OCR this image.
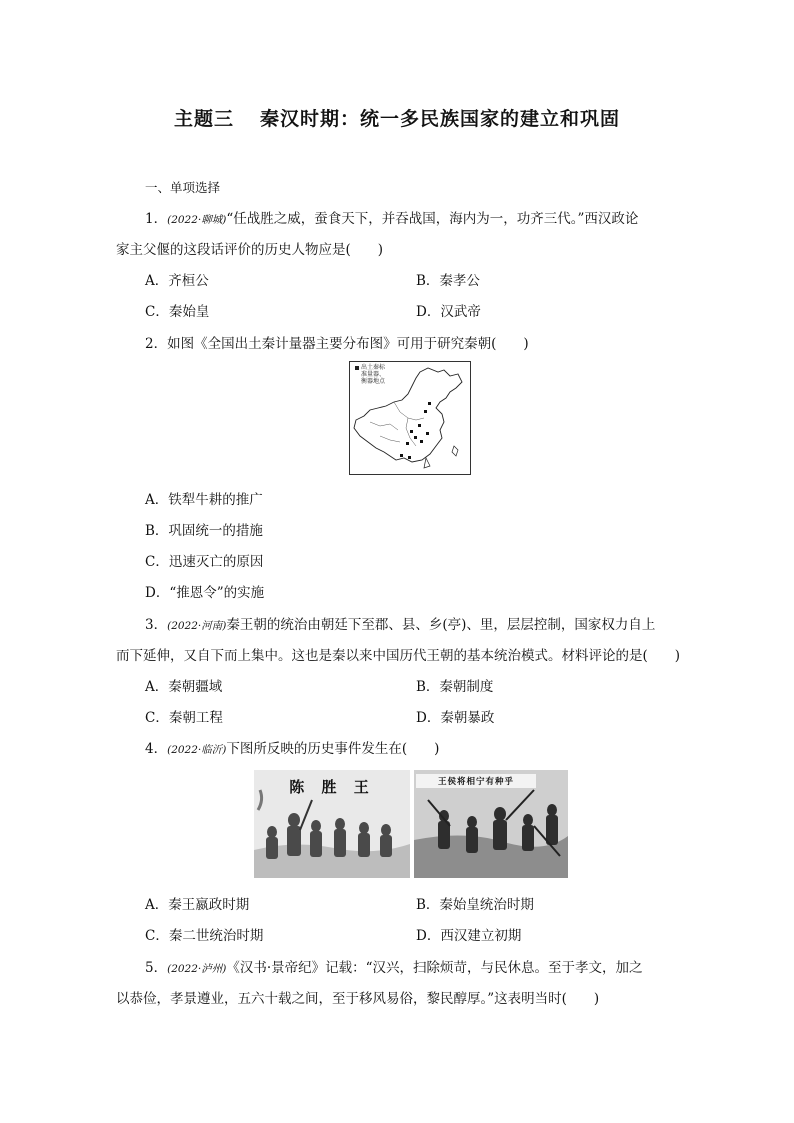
主题三 秦汉时期：统一多民族国家的建立和巩固
一、单项选择
1．(2022·聊城)“任战胜之威，蚕食天下，并吞战国，海内为一，功齐三代。”西汉政论
家主父偃的这段话评价的历史人物应是(　　)
A．齐桓公	B．秦孝公
C．秦始皇	D．汉武帝
2．如图《全国出土秦计量器主要分布图》可用于研究秦朝(　　)
出土秦标
准量器、
衡器地点
A．铁犁牛耕的推广
B．巩固统一的措施
C．迅速灭亡的原因
D．“推恩令”的实施
3．(2022·河南)秦王朝的统治由朝廷下至郡、县、乡(亭)、里，层层控制，国家权力自上
而下延伸，又自下而上集中。这也是秦以来中国历代王朝的基本统治模式。材料评论的是(　　)
A．秦朝疆域	B．秦朝制度
C．秦朝工程	D．秦朝暴政
4．(2022·临沂)下图所反映的历史事件发生在(　　)
陈 胜 王	王侯将相宁有种乎
A．秦王嬴政时期	B．秦始皇统治时期
C．秦二世统治时期	D．西汉建立初期
5．(2022·泸州)《汉书·景帝纪》记载：“汉兴，扫除烦苛，与民休息。至于孝文，加之
以恭俭，孝景遵业，五六十载之间，至于移风易俗，黎民醇厚。”这表明当时(　　)
